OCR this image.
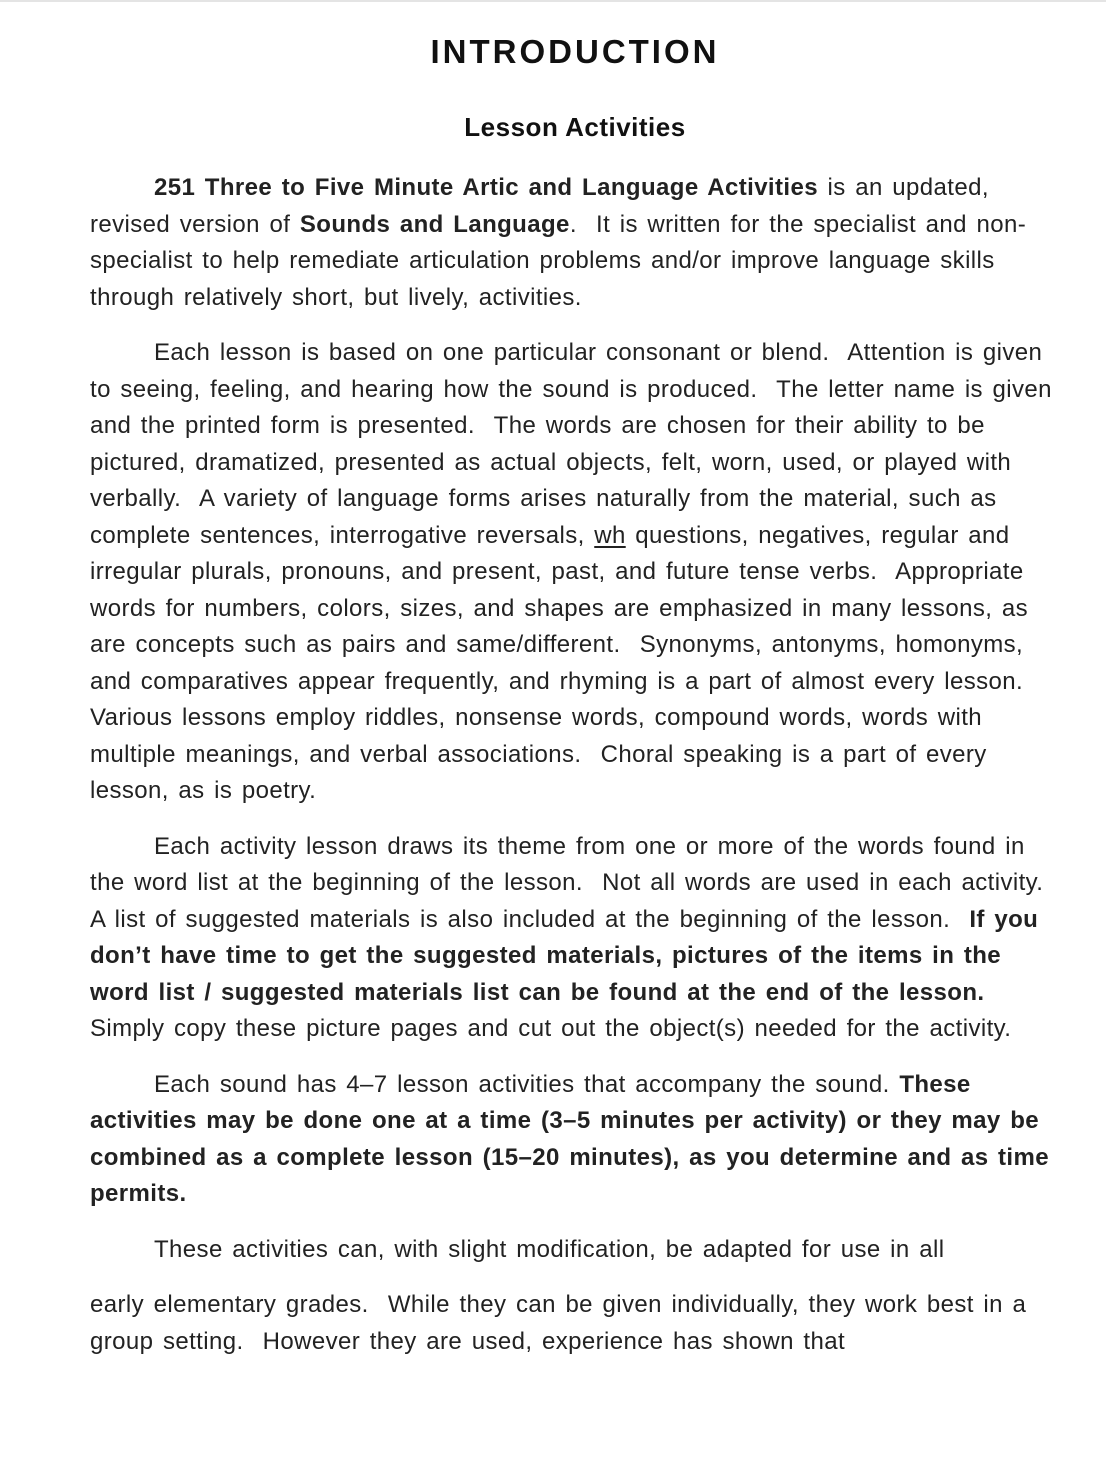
INTRODUCTION
Lesson Activities

251 Three to Five Minute Artic and Language Activities is an updated, revised version of Sounds and Language.  It is written for the specialist and non-specialist to help remediate articulation problems and/or improve language skills through relatively short, but lively, activities.

Each lesson is based on one particular consonant or blend.  Attention is given to seeing, feeling, and hearing how the sound is produced.  The letter name is given and the printed form is presented.  The words are chosen for their ability to be pictured, dramatized, presented as actual objects, felt, worn, used, or played with verbally.  A variety of language forms arises naturally from the material, such as complete sentences, interrogative reversals, wh questions, negatives, regular and irregular plurals, pronouns, and present, past, and future tense verbs.  Appropriate words for numbers, colors, sizes, and shapes are emphasized in many lessons, as are concepts such as pairs and same/different.  Synonyms, antonyms, homonyms, and comparatives appear frequently, and rhyming is a part of almost every lesson.  Various lessons employ riddles, nonsense words, compound words, words with multiple meanings, and verbal associations.  Choral speaking is a part of every lesson, as is poetry.

Each activity lesson draws its theme from one or more of the words found in the word list at the beginning of the lesson.  Not all words are used in each activity.  A list of suggested materials is also included at the beginning of the lesson.  If you don’t have time to get the suggested materials, pictures of the items in the word list / suggested materials list can be found at the end of the lesson.  Simply copy these picture pages and cut out the object(s) needed for the activity.

Each sound has 4–7 lesson activities that accompany the sound. These activities may be done one at a time (3–5 minutes per activity) or they may be combined as a complete lesson (15–20 minutes), as you determine and as time permits.

These activities can, with slight modification, be adapted for use in all

early elementary grades.  While they can be given individually, they work best in a group setting.  However they are used, experience has shown that
